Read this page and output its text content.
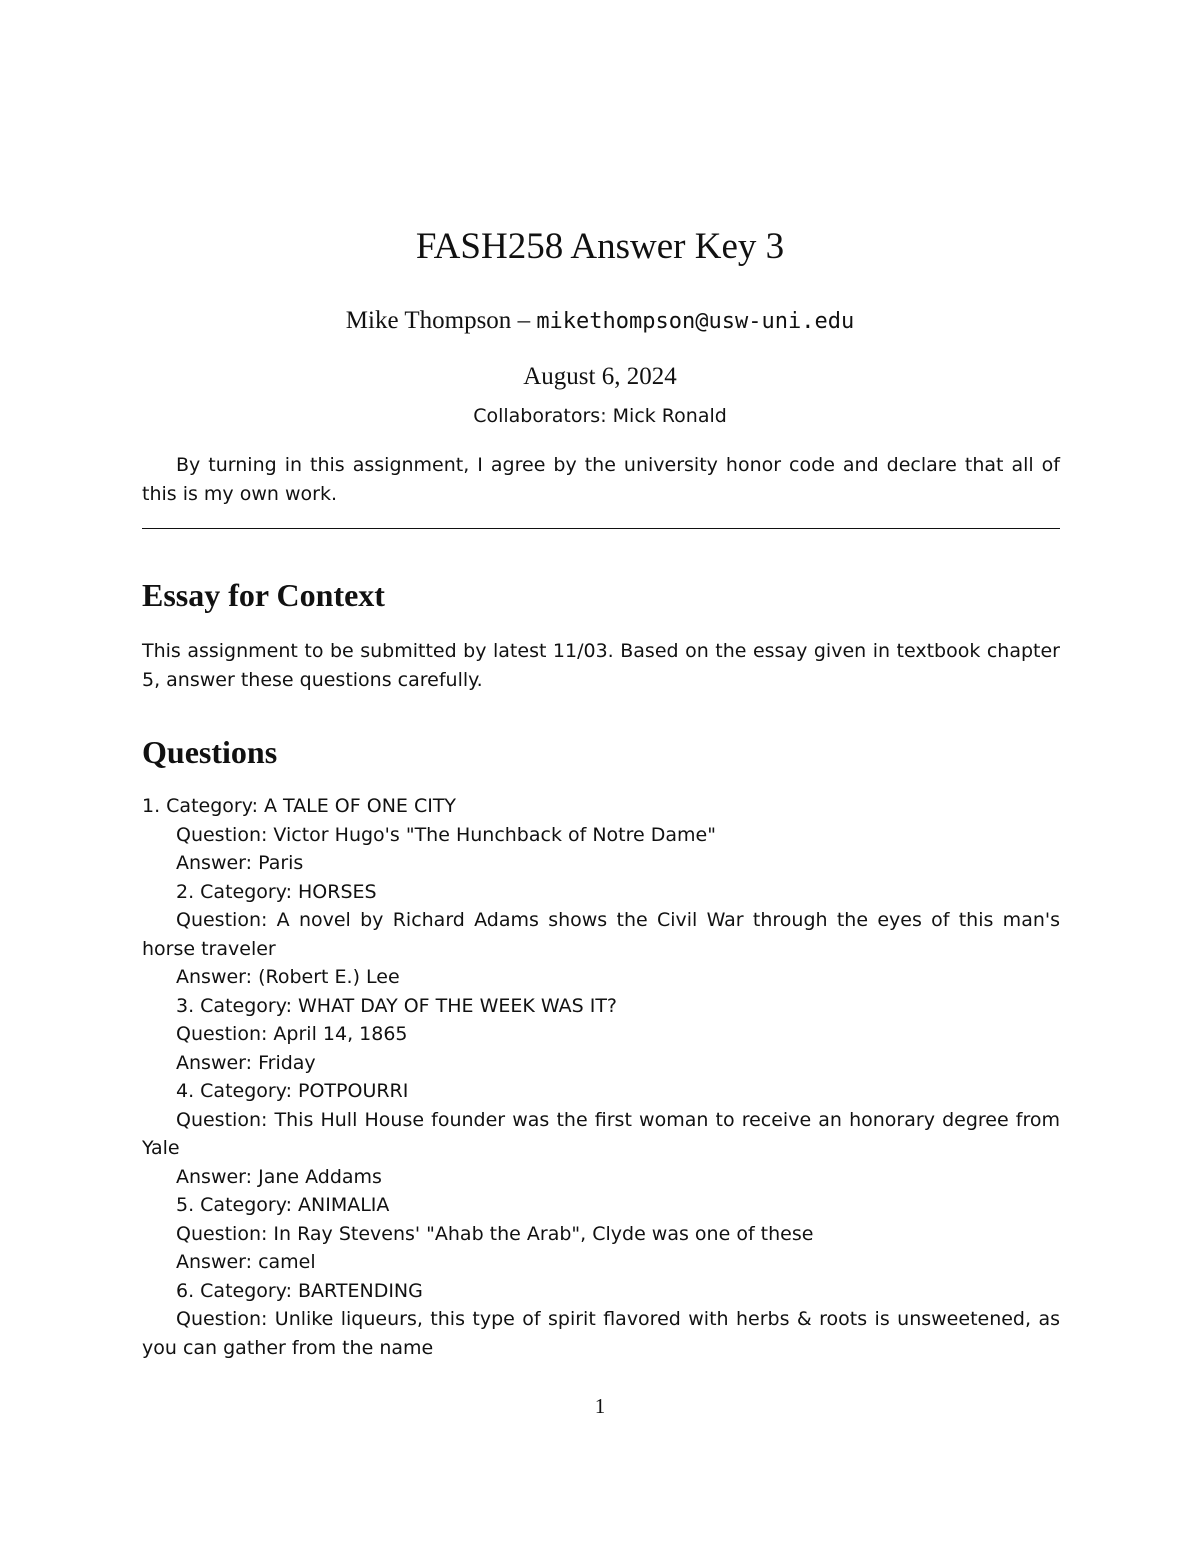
FASH258 Answer Key 3
Mike Thompson – mikethompson@usw-uni.edu
August 6, 2024
Collaborators: Mick Ronald

By turning in this assignment, I agree by the university honor code and declare that all of this is my own work.

Essay for Context

This assignment to be submitted by latest 11/03. Based on the essay given in textbook chapter 5, answer these questions carefully.

Questions

1. Category: A TALE OF ONE CITY

Question: Victor Hugo's "The Hunchback of Notre Dame"

Answer: Paris

2. Category: HORSES

Question: A novel by Richard Adams shows the Civil War through the eyes of this man's horse traveler

Answer: (Robert E.) Lee

3. Category: WHAT DAY OF THE WEEK WAS IT?

Question: April 14, 1865

Answer: Friday

4. Category: POTPOURRI

Question: This Hull House founder was the first woman to receive an honorary degree from Yale

Answer: Jane Addams

5. Category: ANIMALIA

Question: In Ray Stevens' "Ahab the Arab", Clyde was one of these

Answer: camel

6. Category: BARTENDING

Question: Unlike liqueurs, this type of spirit flavored with herbs & roots is unsweetened, as you can gather from the name

1
